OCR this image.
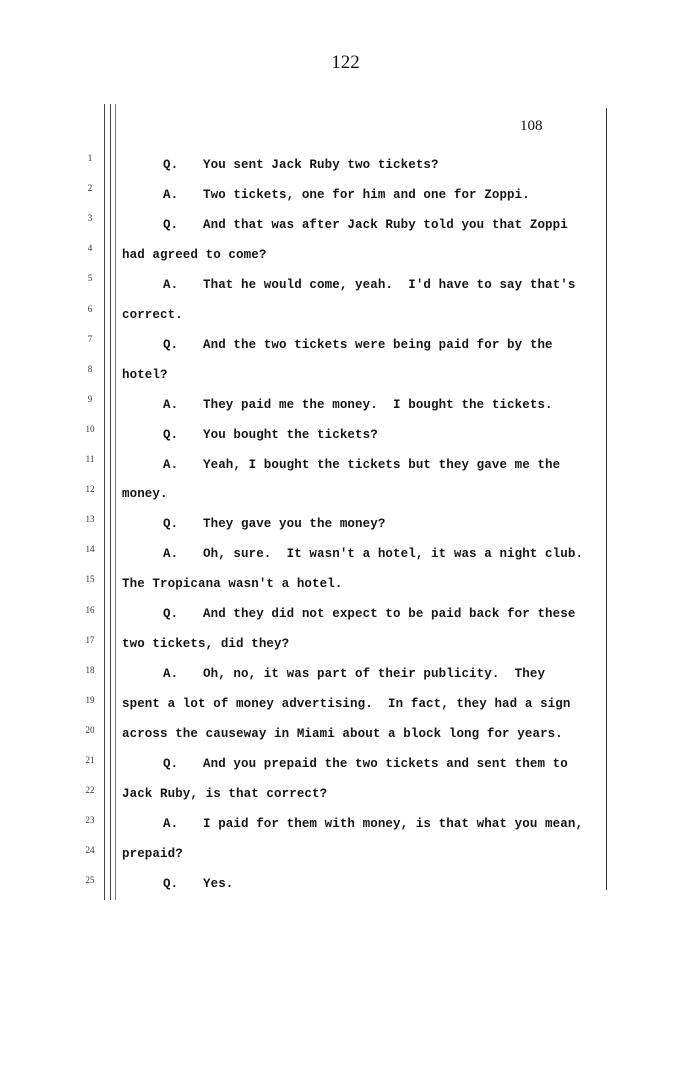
122
108
1
2
3
4
5
6
7
8
9
10
11
12
13
14
15
16
17
18
19
20
21
22
23
24
25
Q. You sent Jack Ruby two tickets?
A. Two tickets, one for him and one for Zoppi.
Q. And that was after Jack Ruby told you that Zoppi
had agreed to come?
A. That he would come, yeah.  I'd have to say that's
correct.
Q. And the two tickets were being paid for by the
hotel?
A. They paid me the money.  I bought the tickets.
Q. You bought the tickets?
A. Yeah, I bought the tickets but they gave me the
money.
Q. They gave you the money?
A. Oh, sure.  It wasn't a hotel, it was a night club.
The Tropicana wasn't a hotel.
Q. And they did not expect to be paid back for these
two tickets, did they?
A. Oh, no, it was part of their publicity.  They
spent a lot of money advertising.  In fact, they had a sign
across the causeway in Miami about a block long for years.
Q. And you prepaid the two tickets and sent them to
Jack Ruby, is that correct?
A. I paid for them with money, is that what you mean,
prepaid?
Q. Yes.
